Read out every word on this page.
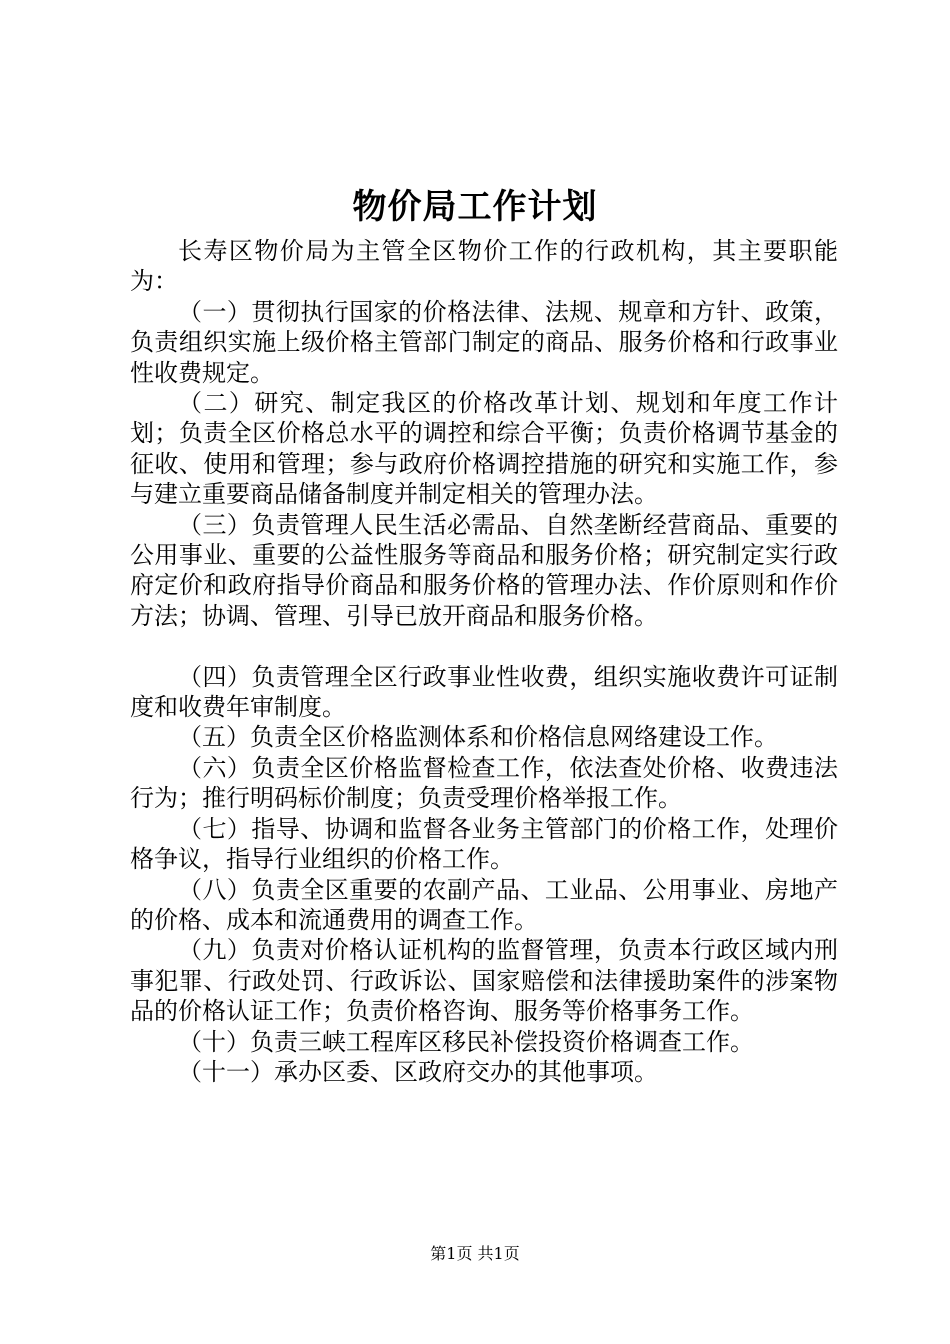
物价局工作计划

长寿区物价局为主管全区物价工作的行政机构，其主要职能为：

（一）贯彻执行国家的价格法律、法规、规章和方针、政策，负责组织实施上级价格主管部门制定的商品、服务价格和行政事业性收费规定。

（二）研究、制定我区的价格改革计划、规划和年度工作计划；负责全区价格总水平的调控和综合平衡；负责价格调节基金的征收、使用和管理；参与政府价格调控措施的研究和实施工作，参与建立重要商品储备制度并制定相关的管理办法。

（三）负责管理人民生活必需品、自然垄断经营商品、重要的公用事业、重要的公益性服务等商品和服务价格；研究制定实行政府定价和政府指导价商品和服务价格的管理办法、作价原则和作价方法；协调、管理、引导已放开商品和服务价格。

（四）负责管理全区行政事业性收费，组织实施收费许可证制度和收费年审制度。

（五）负责全区价格监测体系和价格信息网络建设工作。

（六）负责全区价格监督检查工作，依法查处价格、收费违法行为；推行明码标价制度；负责受理价格举报工作。

（七）指导、协调和监督各业务主管部门的价格工作，处理价格争议，指导行业组织的价格工作。

（八）负责全区重要的农副产品、工业品、公用事业、房地产的价格、成本和流通费用的调查工作。

（九）负责对价格认证机构的监督管理，负责本行政区域内刑事犯罪、行政处罚、行政诉讼、国家赔偿和法律援助案件的涉案物品的价格认证工作；负责价格咨询、服务等价格事务工作。

（十）负责三峡工程库区移民补偿投资价格调查工作。

（十一）承办区委、区政府交办的其他事项。

第1页 共1页
